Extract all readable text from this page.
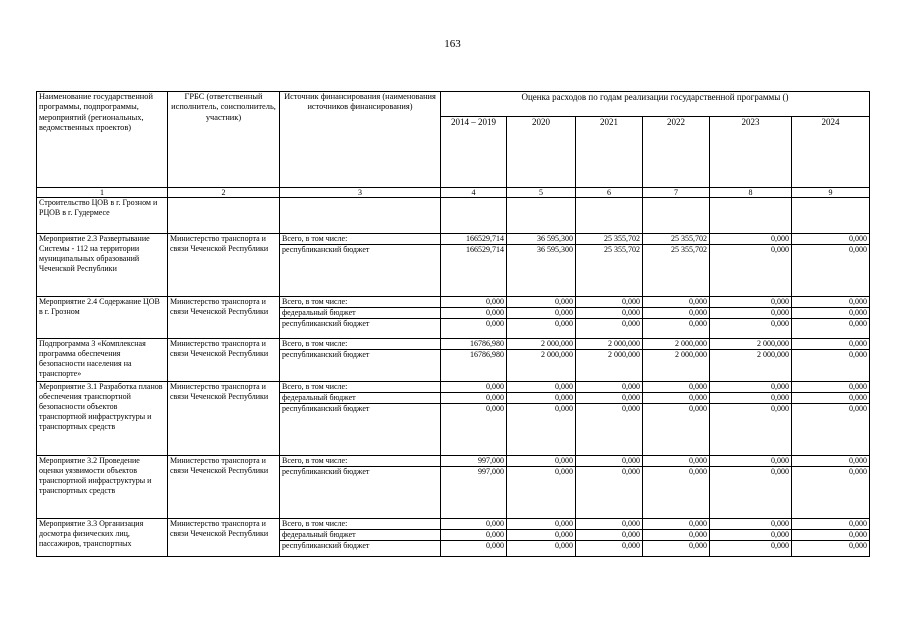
163
Наименование государственной программы, подпрограммы, мероприятий (региональных, ведомственных проектов)	ГРБС (ответственный исполнитель, соисполнитель, участник)	Источник финансирования (наименования источников финансирования)	Оценка расходов по годам реализации государственной программы ()					
			2014 – 2019	2020	2021	2022	2023	2024
1	2	3	4	5	6	7	8	9
Строительство ЦОВ в г. Грозном и РЦОВ в г. Гудермесе								
Мероприятие 2.3 Развертывание Системы - 112 на территории муниципальных образований Чеченской Республики	Министерство транспорта и связи Чеченской Республики	Всего, в том числе:	166529,714	36 595,300	25 355,702	25 355,702	0,000	0,000
		республиканский бюджет	166529,714	36 595,300	25 355,702	25 355,702	0,000	0,000
Мероприятие 2.4 Содержание ЦОВ в г. Грозном	Министерство транспорта и связи Чеченской Республики	Всего, в том числе:	0,000	0,000	0,000	0,000	0,000	0,000
		федеральный бюджет	0,000	0,000	0,000	0,000	0,000	0,000
		республиканский бюджет	0,000	0,000	0,000	0,000	0,000	0,000
Подпрограмма 3 «Комплексная программа обеспечения безопасности населения на транспорте»	Министерство транспорта и связи Чеченской Республики	Всего, в том числе:	16786,980	2 000,000	2 000,000	2 000,000	2 000,000	0,000
		республиканский бюджет	16786,980	2 000,000	2 000,000	2 000,000	2 000,000	0,000
Мероприятие 3.1 Разработка планов обеспечения транспортной безопасности объектов транспортной инфраструктуры и транспортных средств	Министерство транспорта и связи Чеченской Республики	Всего, в том числе:	0,000	0,000	0,000	0,000	0,000	0,000
		федеральный бюджет	0,000	0,000	0,000	0,000	0,000	0,000
		республиканский бюджет	0,000	0,000	0,000	0,000	0,000	0,000
Мероприятие 3.2 Проведение оценки уязвимости объектов транспортной инфраструктуры и транспортных средств	Министерство транспорта и связи Чеченской Республики	Всего, в том числе:	997,000	0,000	0,000	0,000	0,000	0,000
		республиканский бюджет	997,000	0,000	0,000	0,000	0,000	0,000
Мероприятие 3.3 Организация досмотра физических лиц, пассажиров, транспортных	Министерство транспорта и связи Чеченской Республики	Всего, в том числе:	0,000	0,000	0,000	0,000	0,000	0,000
		федеральный бюджет	0,000	0,000	0,000	0,000	0,000	0,000
		республиканский бюджет	0,000	0,000	0,000	0,000	0,000	0,000
